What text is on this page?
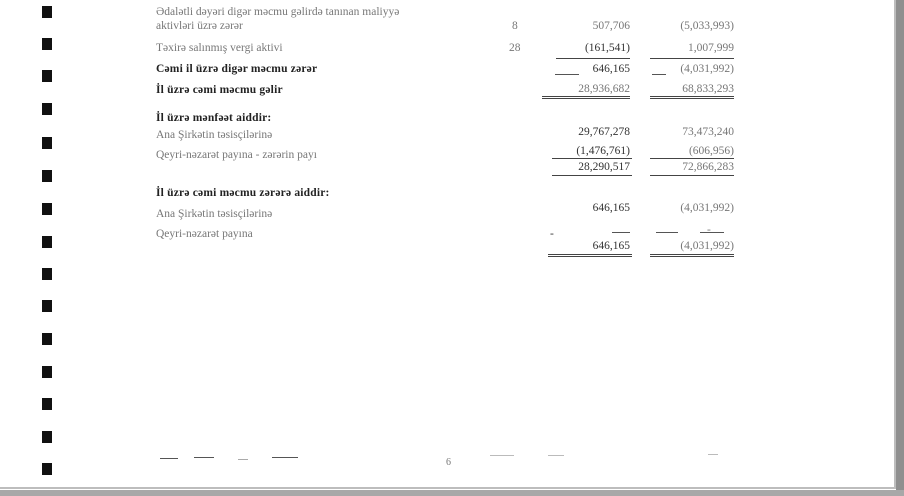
Ədalətli dəyəri digər məcmu gəlirdə tanınan maliyyə
aktivləri üzrə zərər	8	507,706	(5,033,993)
Təxirə salınmış vergi aktivi	28	(161,541)	1,007,999
Cəmi il üzrə digər məcmu zərər	646,165	(4,031,992)
İl üzrə cəmi məcmu gəlir	28,936,682	68,833,293
İl üzrə mənfəət aiddir:
Ana Şirkətin təsisçilərinə	29,767,278	73,473,240
Qeyri-nəzarət payına - zərərin payı	(1,476,761)	(606,956)
28,290,517	72,866,283
İl üzrə cəmi məcmu zərərə aiddir:
Ana Şirkətin təsisçilərinə	646,165	(4,031,992)
Qeyri-nəzarət payına	-	-
646,165	(4,031,992)
6
